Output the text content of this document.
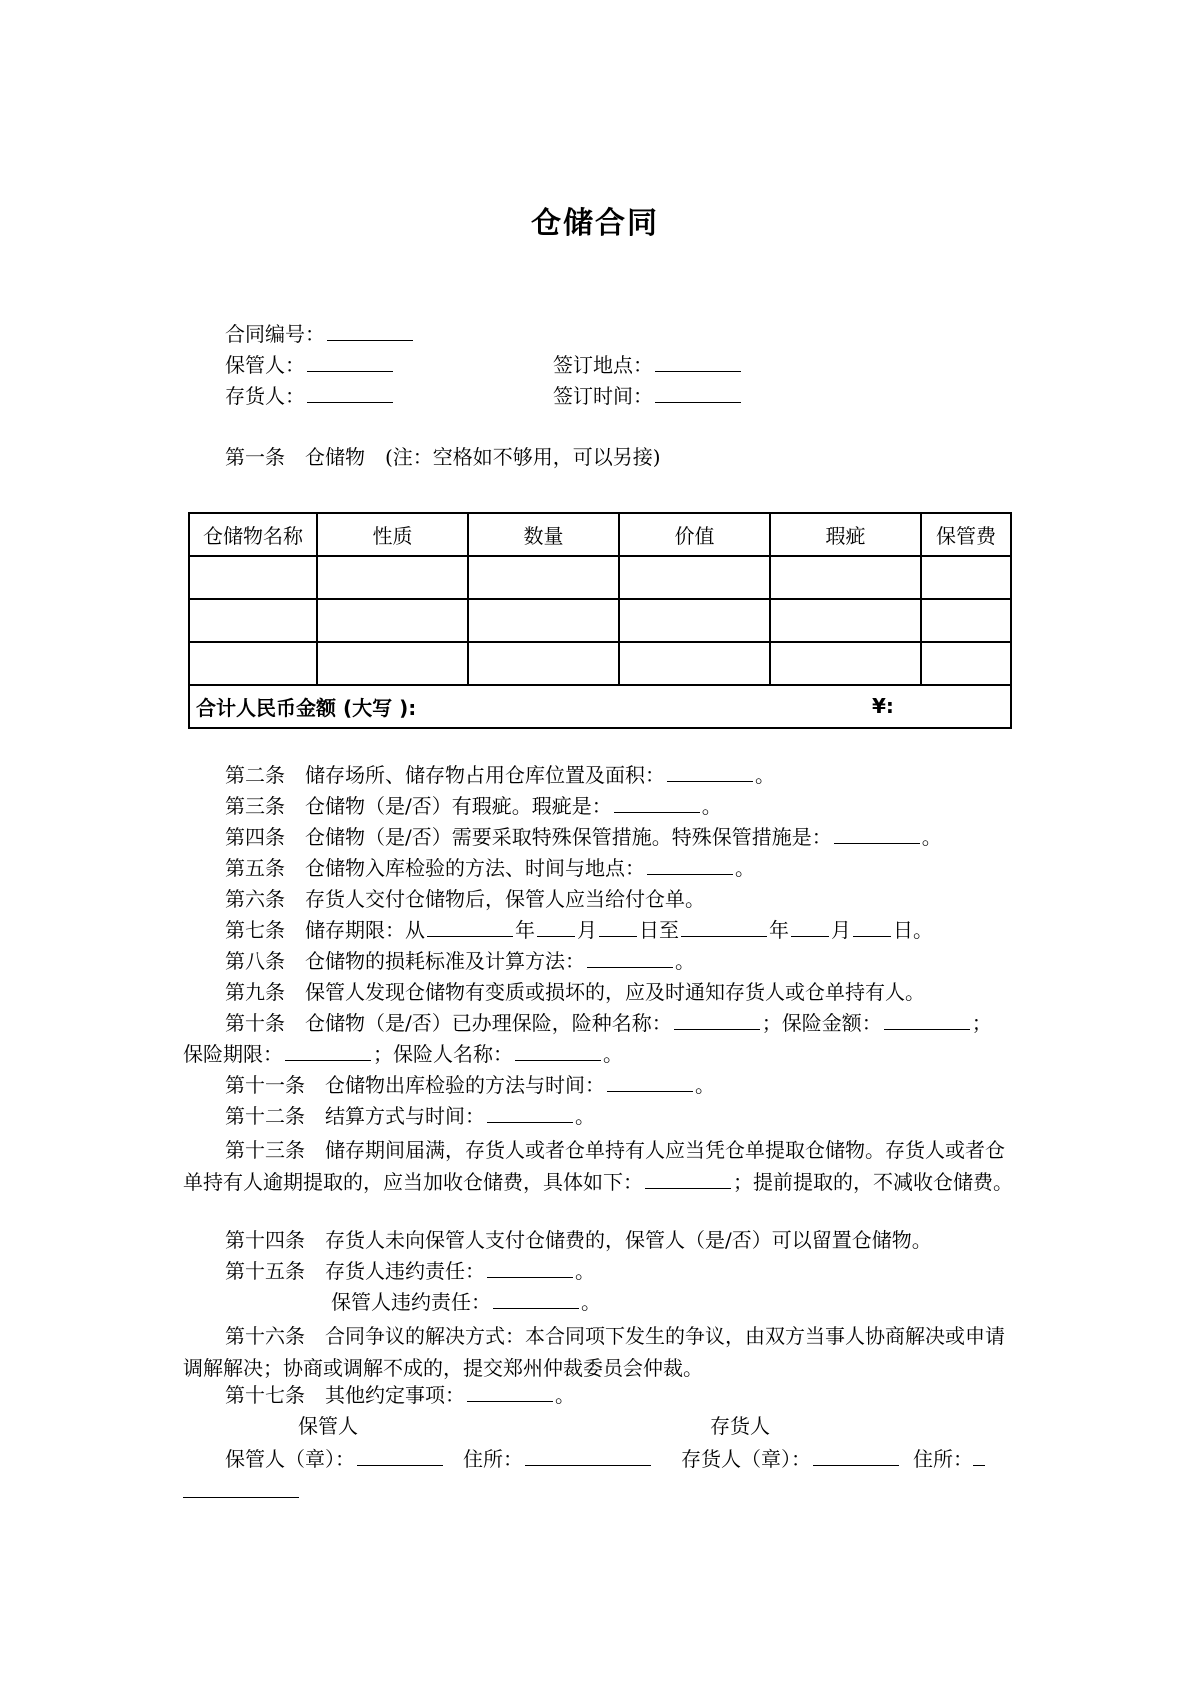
仓储合同
合同编号：
保管人：	签订地点：
存货人：	签订时间：
第一条　仓储物　(注：空格如不够用，可以另接)
仓储物名称	性质	数量	价值	瑕疵	保管费

合计人民币金额 (大写 ): ¥:					
第二条　储存场所、储存物占用仓库位置及面积：	。
第三条　仓储物（是/否）有瑕疵。瑕疵是：	。
第四条　仓储物（是/否）需要采取特殊保管措施。特殊保管措施是：	。
第五条　仓储物入库检验的方法、时间与地点：	。
第六条　存货人交付仓储物后，保管人应当给付仓单。
第七条　储存期限：从	年 月 日至	年 月 日。
第八条　仓储物的损耗标准及计算方法：	。
第九条　保管人发现仓储物有变质或损坏的，应及时通知存货人或仓单持有人。
第十条　仓储物（是/否）已办理保险，险种名称：	；保险金额：	；
保险期限：	；保险人名称：	。
第十一条　仓储物出库检验的方法与时间：	。
第十二条　结算方式与时间：	。

第十三条　储存期间届满，存货人或者仓单持有人应当凭仓单提取仓储物。存货人或者仓单持有人逾期提取的，应当加收仓储费，具体如下：	；提前提取的，不减收仓储费。

第十四条　存货人未向保管人支付仓储费的，保管人（是/否）可以留置仓储物。
第十五条　存货人违约责任：	。
保管人违约责任：	。

第十六条　合同争议的解决方式：本合同项下发生的争议，由双方当事人协商解决或申请调解解决；协商或调解不成的，提交郑州仲裁委员会仲裁。

第十七条　其他约定事项：	。
保管人	存货人
保管人（章）：	住所：	存货人（章）：	住所：
